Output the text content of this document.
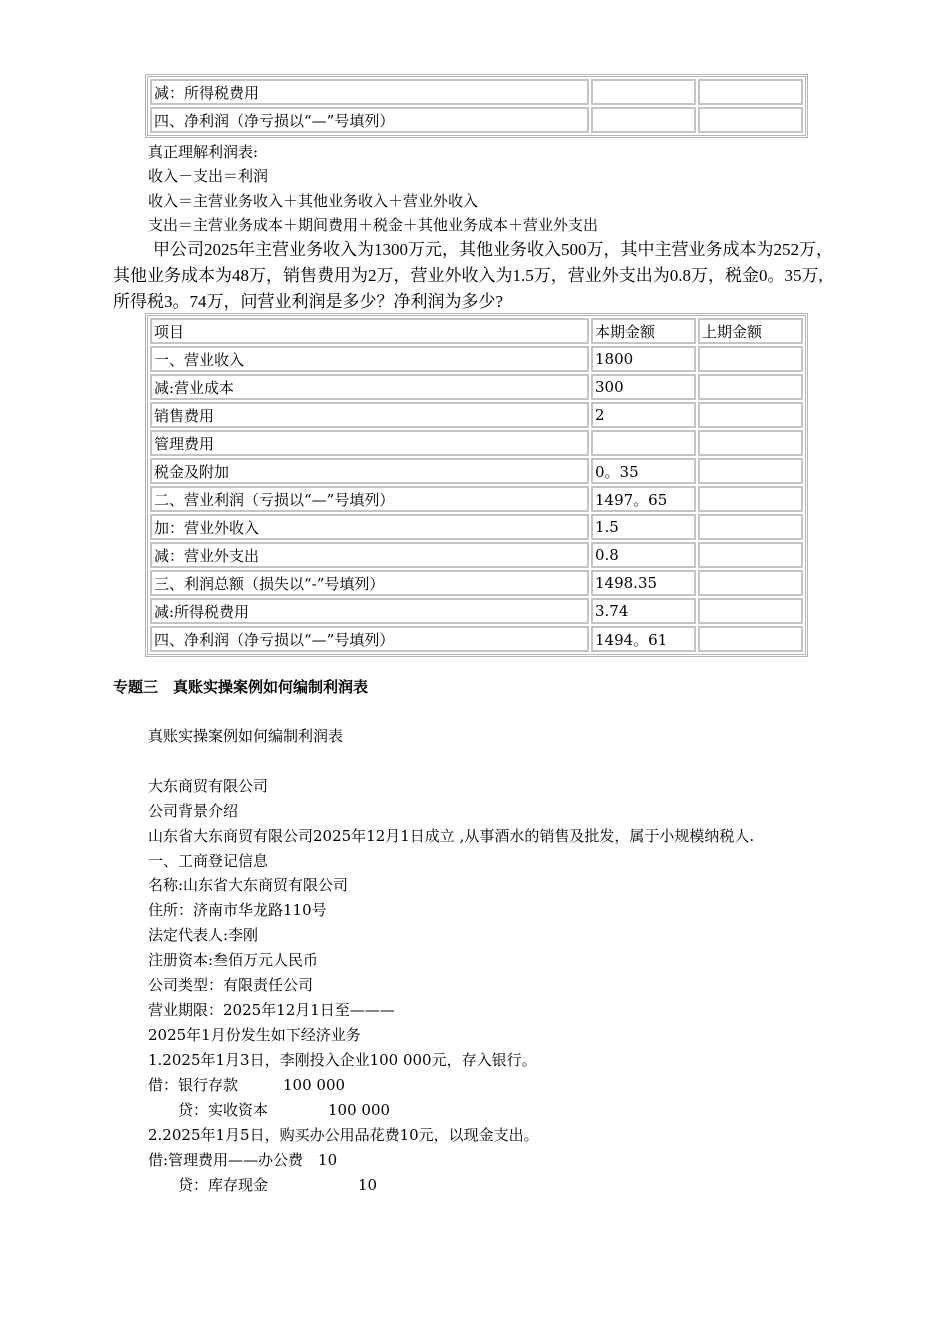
减：所得税费用		
四、净利润（净亏损以“—”号填列）		
真正理解利润表:
收入－支出＝利润
收入＝主营业务收入＋其他业务收入＋营业外收入
支出＝主营业务成本＋期间费用＋税金＋其他业务成本＋营业外支出
甲公司2025年主营业务收入为1300万元，其他业务收入500万，其中主营业务成本为252万，其他业务成本为48万，销售费用为2万，营业外收入为1.5万，营业外支出为0.8万，税金0。35万,所得税3。74万，问营业利润是多少？净利润为多少?
项目	本期金额	上期金额
一、营业收入	1800	
减:营业成本	300	
销售费用	2	
管理费用		
税金及附加	0。35	
二、营业利润（亏损以“—”号填列）	1497。65	
加：营业外收入	1.5	
减：营业外支出	0.8	
三、利润总额（损失以“-”号填列）	1498.35	
减:所得税费用	3.74	
四、净利润（净亏损以“—”号填列）	1494。61	
专题三　真账实操案例如何编制利润表
真账实操案例如何编制利润表
大东商贸有限公司
公司背景介绍
山东省大东商贸有限公司2025年12月1日成立 ,从事酒水的销售及批发，属于小规模纳税人.
一、工商登记信息
名称:山东省大东商贸有限公司
住所：济南市华龙路110号
法定代表人:李刚
注册资本:叁佰万元人民币
公司类型：有限责任公司
营业期限：2025年12月1日至———
2025年1月份发生如下经济业务
1.2025年1月3日，李刚投入企业100 000元，存入银行。
借：银行存款　　　100 000
　　贷：实收资本　　　　100 000
2.2025年1月5日，购买办公用品花费10元，以现金支出。
借:管理费用——办公费　10
　　贷：库存现金　　　　　　10
